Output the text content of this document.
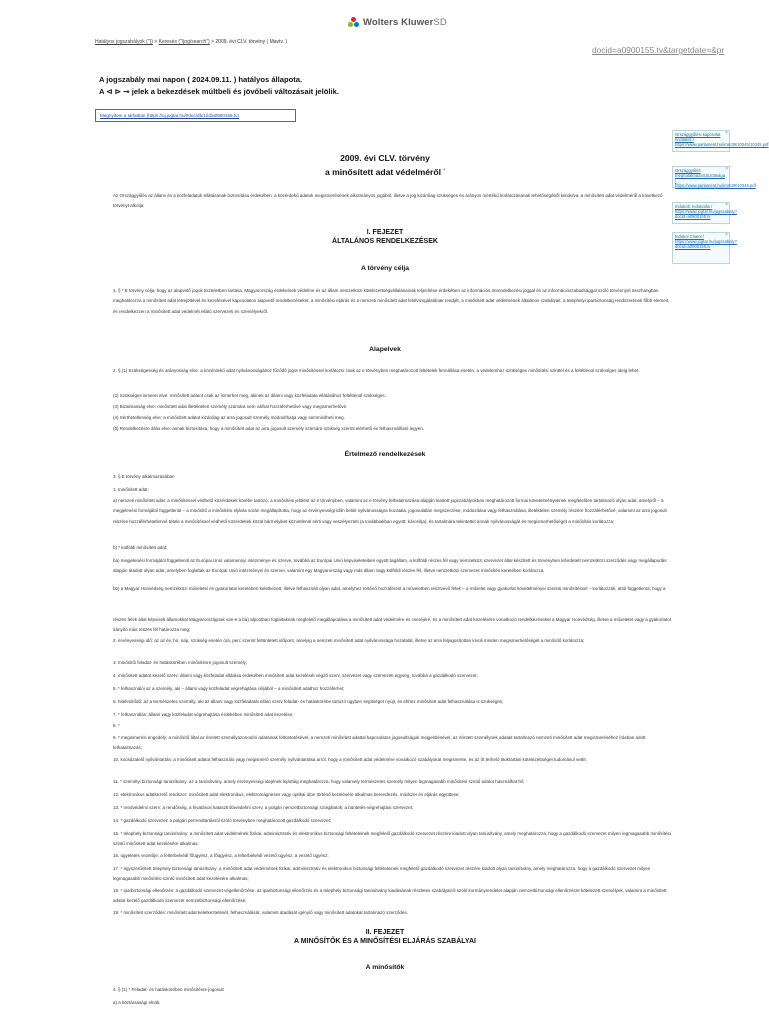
Wolters KluwerSD
Hatályos jogszabályok ("}) > Keresés ("/jog/search") > 2009. évi CLV. törvény ( Mavtv. )
docid=a0900155.tv&targetdate=&pr
A jogszabály mai napon ( 2024.09.11. ) hatályos állapota.
A ⊲ ⊳ ⊸ jelek a bekezdések múltbeli és jövőbeli változásait jelölik.
Megnyitom a tárlatban (https://uj.jogtar.hu/#doc/db/1/id/a0900155.tv)
×
Országgyűlési kapcsolat hivatalos / https://www.parlament.hu/irom39/10345/10345.pdf
×
Országgyűlés meghatalmazott bizottsága / https://www.parlament.hu/irom39/10345.pdf
×
Indokolt: Indokolás / https://www.jogtar.hu/jogszabaly?docid=a0900155.tv
×
Indokol Csatol / https://www.jogtar.hu/jogszabaly?docid=a0900155.tv
2009. évi CLV. törvény
a minősített adat védelméről *
Az Országgyűlés az állami és a közfeladatok ellátásának biztosítása érdekében, a közérdekű adatok megismerésének alkotmányos jogából, illetve a jog kizárólag szükséges és arányos mértékű korlátozásának lehetőségéből kiindulva, a minősített adat védelméről a következő törvényt alkotja:
I. FEJEZET
ÁLTALÁNOS RENDELKEZÉSEK
A törvény célja
1. § * E törvény célja, hogy az alapvető jogok tiszteletben tartása, Magyarország érdekeinek védelme és az állam nemzetközi kötelezettségvállalásainak teljesítése érdekében az információs önrendelkezési joggal és az információszabadsággal szóló törvénnyel összhangban meghatározza a minősített adat létrejöttével és kezelésével kapcsolatos alapvető rendelkezéseket, a minősítési eljárás és a nemzeti minősített adat felülvizsgálatának rendjét, a minősített adat védelmének általános szabályait, a telephelyi iparbiztonság rendszerének főbb elemeit, és rendelkezzen a minősített adat védelmét ellátó szervezeti és személyekről.
Alapelvek
2. § (1) Szükségesség és arányosság elve: a közérdekű adat nyilvánosságához fűződő jogot minősítéssel korlátozni csak az e törvényben meghatározott feltételek fennállása esetén, a védelemhez szükséges minősítési szinttel és a feltétlenül szükséges ideig lehet.
(2) Szükséges ismeret elve: minősített adatot csak az ismerhet meg, akinek az állami vagy közfeladata ellátásához feltétlenül szükséges.
(3) Bizalmasság elve: minősített adat illetéktelen személy számára nem válhat hozzáférhetővé vagy megismerhetővé.
(4) Sérthetetlenség elve: a minősített adatot kizárólag az arra jogosult személy módosíthatja vagy semmisítheti meg.
(5) Rendelkezésre állás elve: annak biztosítása, hogy a minősített adat az arra jogosult személy számára szükség szerint elérhető és felhasználható legyen.
Értelmező rendelkezések
3. § E törvény alkalmazásában
1. minősített adat:
a) nemzeti minősített adat: a minősítéssel védhető közérdekek körébe tartozó, a minősítési jelölést az e törvényben, valamint az e törvény felhatalmazása alapján kiadott jogszabályokban meghatározott formai követelményeknek megfelelően tartalmazó olyan adat, amelyről – a megjelenési formájától függetlenül – a minősítő a minősítési eljárás során megállapította, hogy az érvényességi időn belüli nyilvánosságra hozatala, jogosulatlan megszerzése, módosítása vagy felhasználása, illetéktelen személy részére hozzáférhetővé, valamint az arra jogosult részére hozzáférhetetlenné tétele a minősítéssel védhető közérdekek közül bármelyiket közvetlenül sérti vagy veszélyezteti (a továbbiakban együtt: károsítja), és tartalmára tekintettel annak nyilvánosságát és megismerhetőségét a minősítés korlátozza;
b) * külföldi minősített adat:
ba) megjelenési formájától függetlenül az Európai Unió valamennyi intézménye és szerve, továbbá az Európai Unió képviseleteiben együtt tagállam, a külföldi részes fél vagy nemzetközi szervezet által készített és törvényben kihirdetett nemzetközi szerződés vagy megállapodás alapján átadott olyan adat, amelyben foglaltak az Európai Unió intézményei és szervei, valamint egy Magyarország vagy más állam vagy külföldi részes fél, illetve nemzetközi szervezet minősítés keretében korlátozza,
bb) a Magyar Honvédség nemzetközi műveletei és gyakorlatai keretében keletkezett, illetve felhasznált olyan adat, amelyhez történő hozzáférést a műveletben résztvevő felek – a művelet vagy gyakorlat követelményei szerinti minősítéssel – korlátozzák, attól függetlenül, hogy a
részes felek által képviselt államokkal Magyarországnak van-e a ba) alpontban foglaltaknak megfelelő megállapodása a minősített adat védelmére és cseréjére, és a minősített adat kezelésére vonatkozó rendelkezéseket a Magyar Honvédség, illetve a műveletet vagy a gyakorlatot irányító más részes fél határozza meg;
2. érvényességi idő: az az év, hó, nap, szükség esetén óra, perc szerint feltüntetett időpont, amelyig a nemzeti minősített adat nyilvánossága hozatalát, illetve az arra feljogosítottan kívüli minden megismerhetőségét a minősítő korlátozza;
3. minősítői feladat- és hatáskörében minősítésre jogosult személy;
4. minősített adatot kezelő szerv: állami vagy közfeladat ellátása érdekében minősített adat kezelését végző szerv, szervezet vagy szervezeti egység, továbbá a gazdálkodó szervezet;
5. * felhasználói az a személy, aki – állami vagy közfeladat végrehajtása céljából – a minősített adathoz hozzáférhet;
6. hitelesítődő: az a természetes személy, aki az állami vagy közfeladatát ellátó szerv feladat- és hatáskörébe tartozó ügyben segítséget nyújt, és ehhez minősített adat felhasználása is szükséges;
7. * felhasználás: állami vagy közfeladat végrehajtása érdekében minősített adat kezelése;
8. *
9. * megismerési engedély: a minősítő által az érintett személyazonosító adatainak feltüntetésével, a nemzeti minősített adattal kapcsolatos jogosultságok megjelölésével, az érintett személynek adatait tartalmazó nemzeti minősített adat megismeréséhez írásban adott felhatalmazás;
10. kockázatelő nyilvántartás: a minősített adatot felhasználó vagy megismerő személy nyilvántartása arról, hogy a minősített adat védelmére vonatkozó szabályokat megismerte, és az őt terhelő titoktartási kötelezettséget tudomásul vette;
11. * személyi biztonsági tanúsítvány: az a tanúsítvány, amely érvényességi idejének lejártáig meghatározza, hogy valamely természetes személy milyen legmagasabb minősítési szintű adatot használhat fel;
12. elektronikus adatkezelő rendszer: minősített adat elektronikus, elektromágneses vagy optikai úton történő kezelésére alkalmas berendezés, módszer és eljárás együttese;
13. * rendvédelmi szerv: a rendőrség, a hivatásos katasztrófavédelmi szerv, a polgári nemzetbiztonsági szolgálatok, a büntetés-végrehajtási szervezet;
14. * gazdálkodó szervezet: a polgári perrendtartásról szóló törvényben meghatározott gazdálkodó szervezet;
15. * telephely biztonsági tanúsítvány: a minősített adat védelmének fizikai, adminisztratív és elektronikus biztonsági feltételeinek megfelelő gazdálkodó szervezet részére kiadott olyan tanúsítvány, amely meghatározza, hogy a gazdálkodó szervezet milyen legmagasabb minősítési szintű minősített adat kezelésére alkalmas;
16. ügyeletes vezetője: a felterbelvédi főügyész, a főügyész, a felterbelvédi vezető ügyész, a vezető ügyész;
17. * egyszerűsített telephely biztonsági tanúsítvány: a minősített adat védelmének fizikai, adminisztratív és elektronikus biztonsági feltételeinek megfelelő gazdálkodó szervezet részére kiadott olyan tanúsítvány, amely meghatározza, hogy a gazdálkodó szervezet milyen legmagasabb minősítési szintű minősített adat kezelésére alkalmas;
18. * iparbiztonsági ellenőrzés: a gazdálkodó szervezet végellenőrzése, az iparbiztonsági ellenőrzés és a telephely biztonsági tanúsítvány kiadásának részletes szabályairól szóló kormányrendelet alapján nemzetbiztonsági ellenőrzésre kötelezett személyek, valamint a minősített adatot kezelő gazdálkodó szervezet nemzetbiztonsági ellenőrzése;
19. * minősített szerződés: minősített adat keletkeztetését, felhasználását, valamint átadását igénylő vagy minősített adatokat tartalmazó szerződés.
II. FEJEZET
A MINŐSÍTŐK ÉS A MINŐSÍTÉSI ELJÁRÁS SZABÁLYAI
A minősítők
4. § (1) * Feladat- és hatáskörében minősítésre jogosult
a) a köztársasági elnök,
